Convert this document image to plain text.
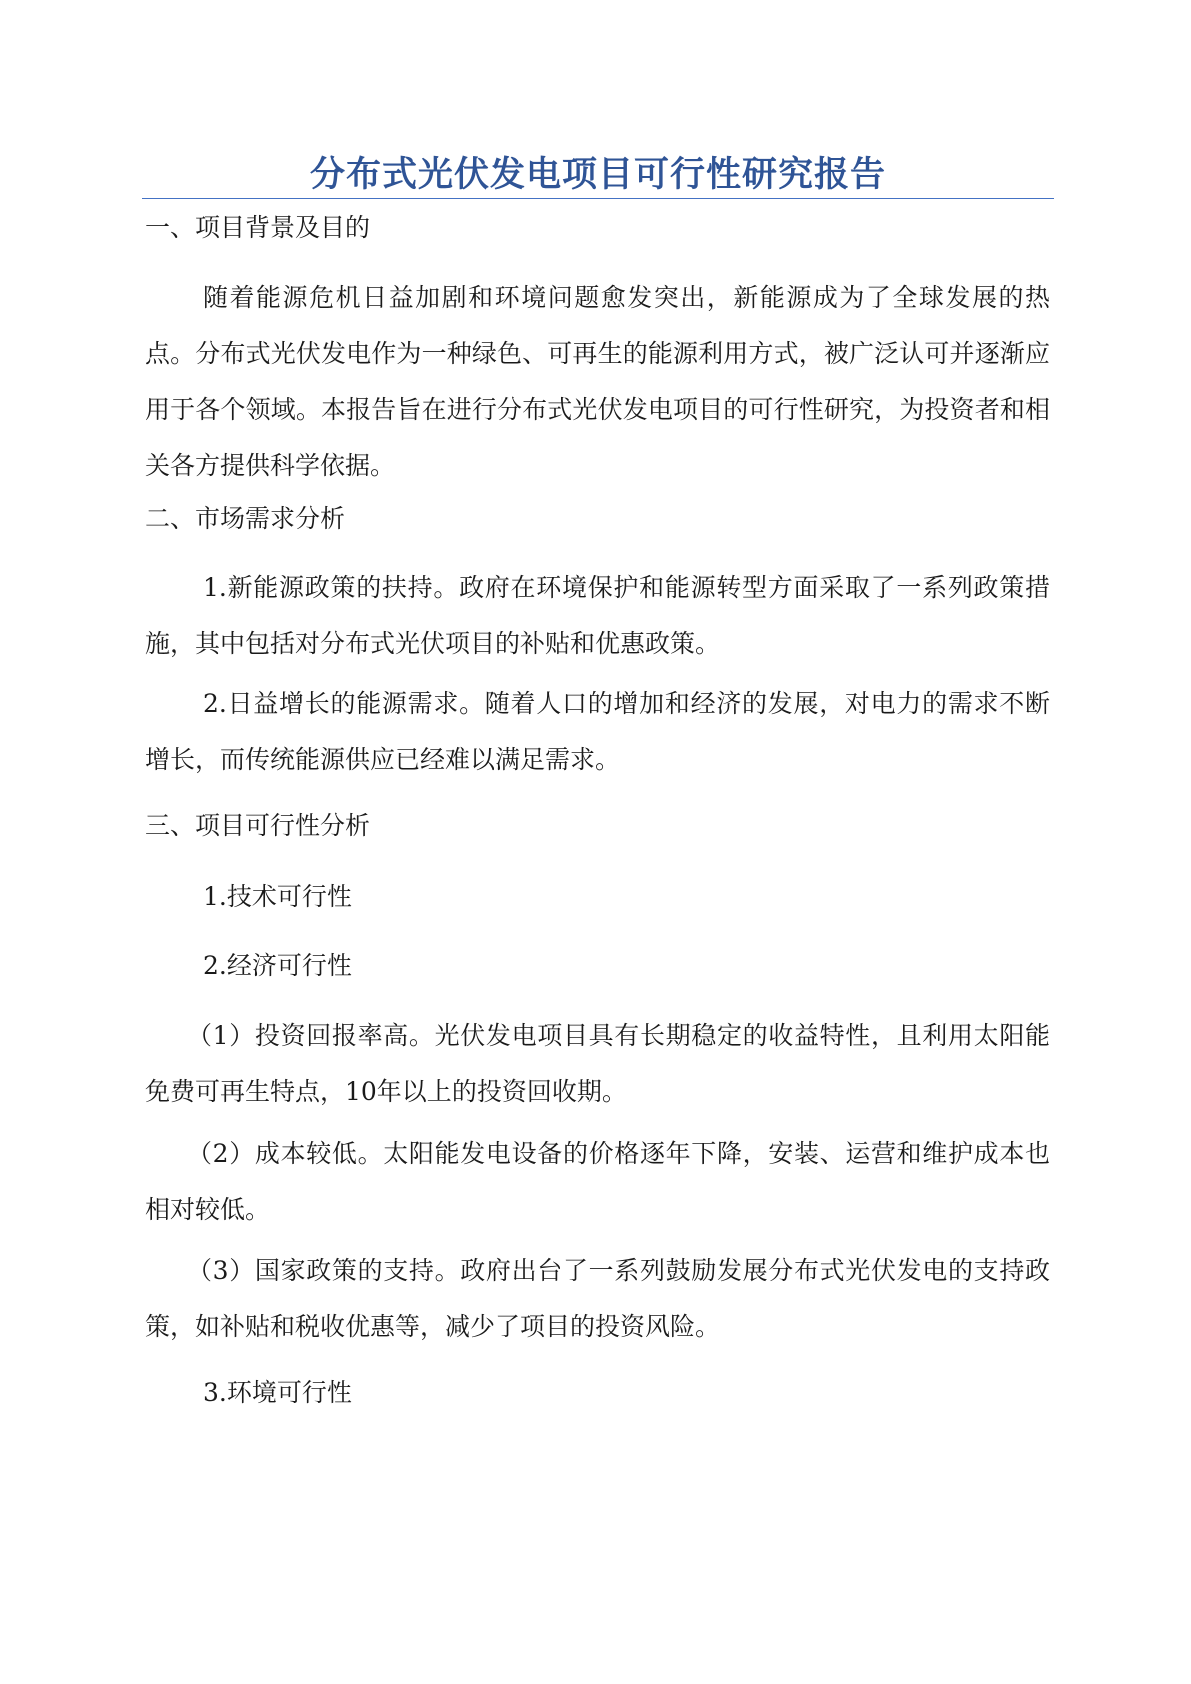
分布式光伏发电项目可行性研究报告

一、项目背景及目的

随着能源危机日益加剧和环境问题愈发突出，新能源成为了全球发展的热点。分布式光伏发电作为一种绿色、可再生的能源利用方式，被广泛认可并逐渐应用于各个领域。本报告旨在进行分布式光伏发电项目的可行性研究，为投资者和相关各方提供科学依据。

二、市场需求分析

1.新能源政策的扶持。政府在环境保护和能源转型方面采取了一系列政策措施，其中包括对分布式光伏项目的补贴和优惠政策。

2.日益增长的能源需求。随着人口的增加和经济的发展，对电力的需求不断增长，而传统能源供应已经难以满足需求。

三、项目可行性分析

1.技术可行性

2.经济可行性

（1）投资回报率高。光伏发电项目具有长期稳定的收益特性，且利用太阳能免费可再生特点，10年以上的投资回收期。

（2）成本较低。太阳能发电设备的价格逐年下降，安装、运营和维护成本也相对较低。

（3）国家政策的支持。政府出台了一系列鼓励发展分布式光伏发电的支持政策，如补贴和税收优惠等，减少了项目的投资风险。

3.环境可行性
